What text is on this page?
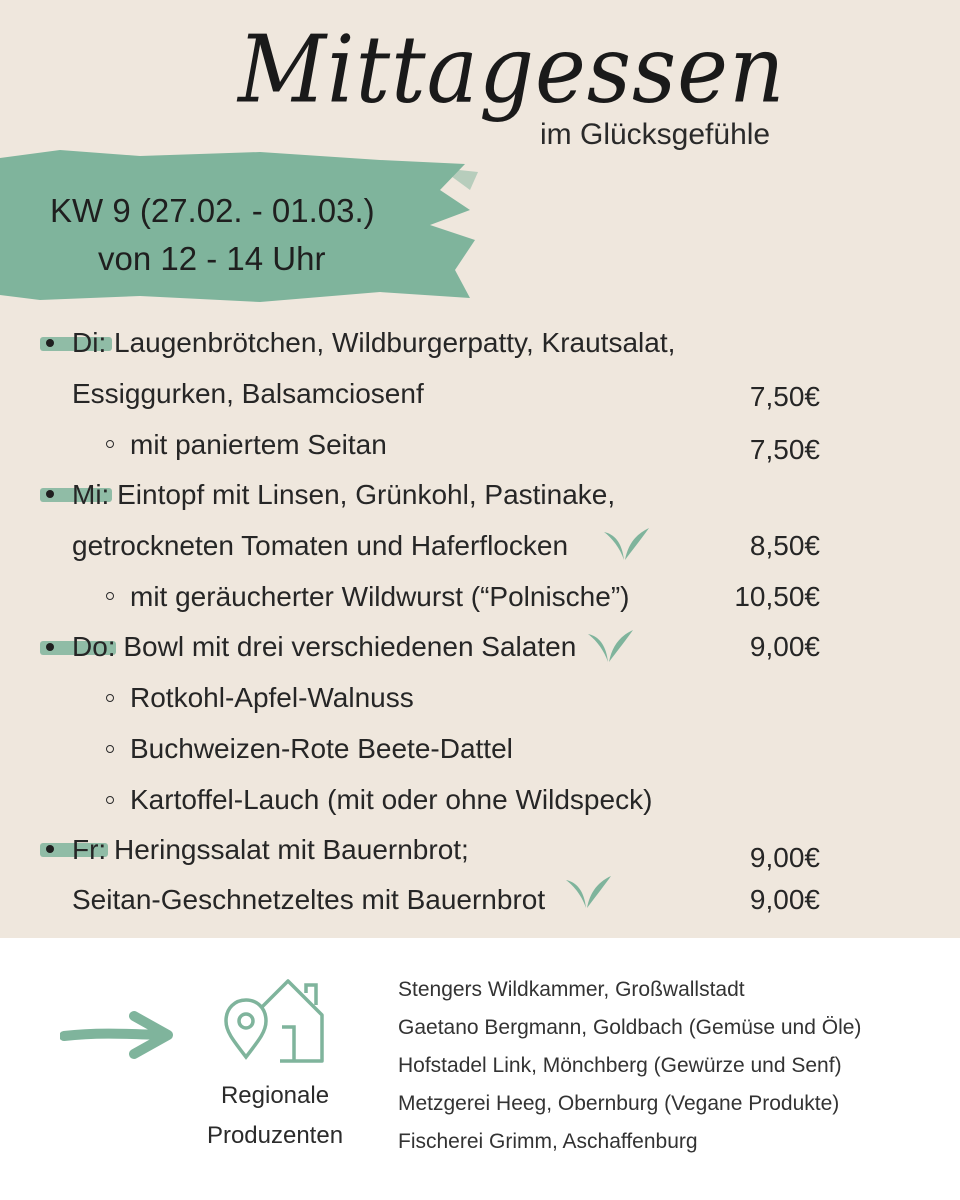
Mittagessen
im Glücksgefühle
KW 9 (27.02. - 01.03.)
von 12 - 14 Uhr
Di: Laugenbrötchen, Wildburgerpatty, Krautsalat,
Essiggurken, Balsamciosenf	7,50€
mit paniertem Seitan	7,50€
Mi: Eintopf mit Linsen, Grünkohl, Pastinake,
getrockneten Tomaten und Haferflocken	8,50€
mit geräucherter Wildwurst (“Polnische”)	10,50€
Do: Bowl mit drei verschiedenen Salaten	9,00€
Rotkohl-Apfel-Walnuss
Buchweizen-Rote Beete-Dattel
Kartoffel-Lauch (mit oder ohne Wildspeck)
Fr: Heringssalat mit Bauernbrot;	9,00€
Seitan-Geschnetzeltes mit Bauernbrot	9,00€
Regionale
Produzenten
Stengers Wildkammer, Großwallstadt
Gaetano Bergmann, Goldbach (Gemüse und Öle)
Hofstadel Link, Mönchberg (Gewürze und Senf)
Metzgerei Heeg, Obernburg (Vegane Produkte)
Fischerei Grimm, Aschaffenburg
